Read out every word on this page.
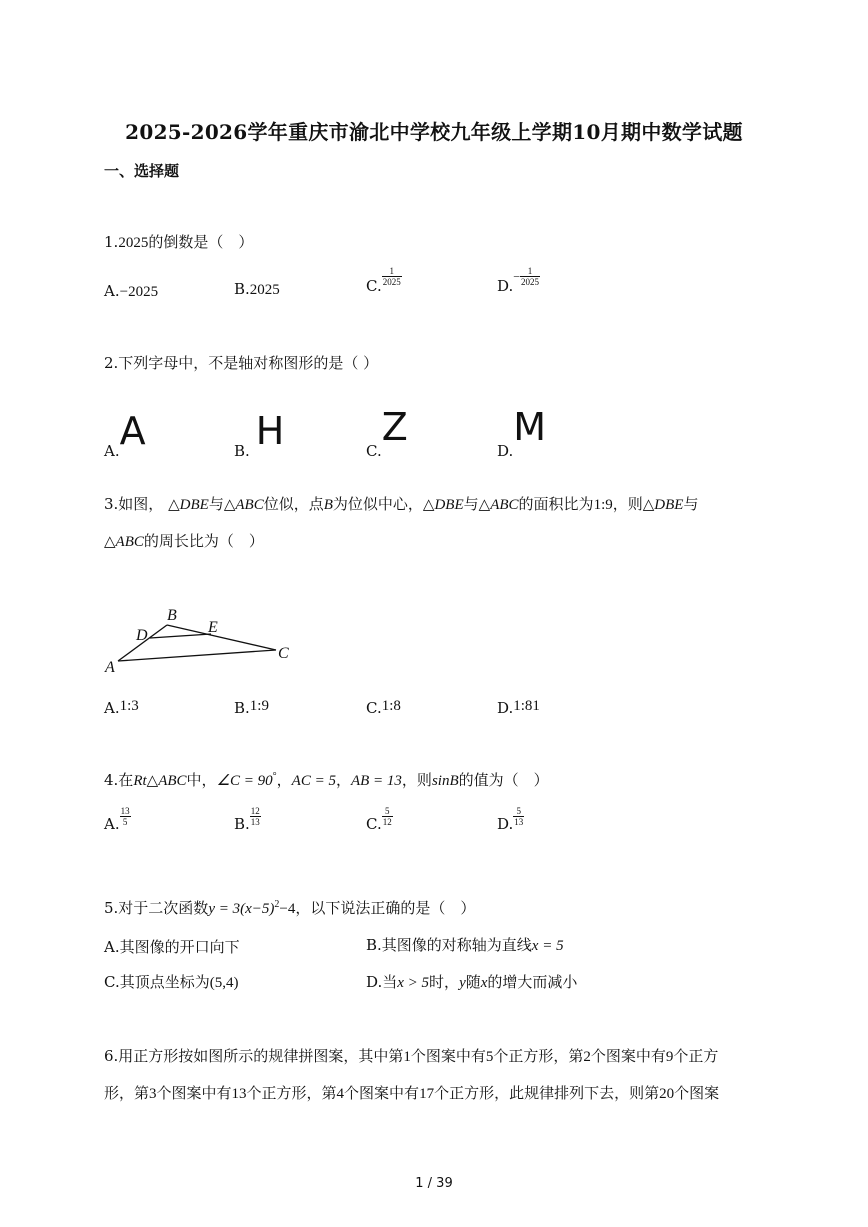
2025-2026学年重庆市渝北中学校九年级上学期10月期中数学试题
一、选择题
1.2025的倒数是（　）
A.−2025	B.2025	C. $\frac{1}{2025}$	$D.- \frac{1}{2025}$
2.下列字母中，不是轴对称图形的是（ ）
A.A	B. H	C.Z
D.M
3.如图， △DBE与△ABC位似，点B为位似中心，△DBE与△ABC的面积比为1:9，则△DBE与
△ABC的周长比为（　）
A
B
C
D	E
A.1:3	B.1:9	C.1:8	D.1:81
4.在Rt△ABC中，∠C = 90°，AC = 5，AB = 13，则sinB的值为（　）
A. $\frac{13}{5}$	B. $\frac{12}{13}$	C. $\frac{5}{12}$	D. $\frac{5}{13}$
5.对于二次函数$y = 3(x-5)^2-4$，以下说法正确的是（　）
A.其图像的开口向下	B.其图像的对称轴为直线x = 5
C.其顶点坐标为(5,4)	D.当x > 5时，y随x的增大而减小
6.用正方形按如图所示的规律拼图案，其中第1个图案中有5个正方形，第2个图案中有9个正方
形，第3个图案中有13个正方形，第4个图案中有17个正方形，此规律排列下去，则第20个图案
1 / 39
